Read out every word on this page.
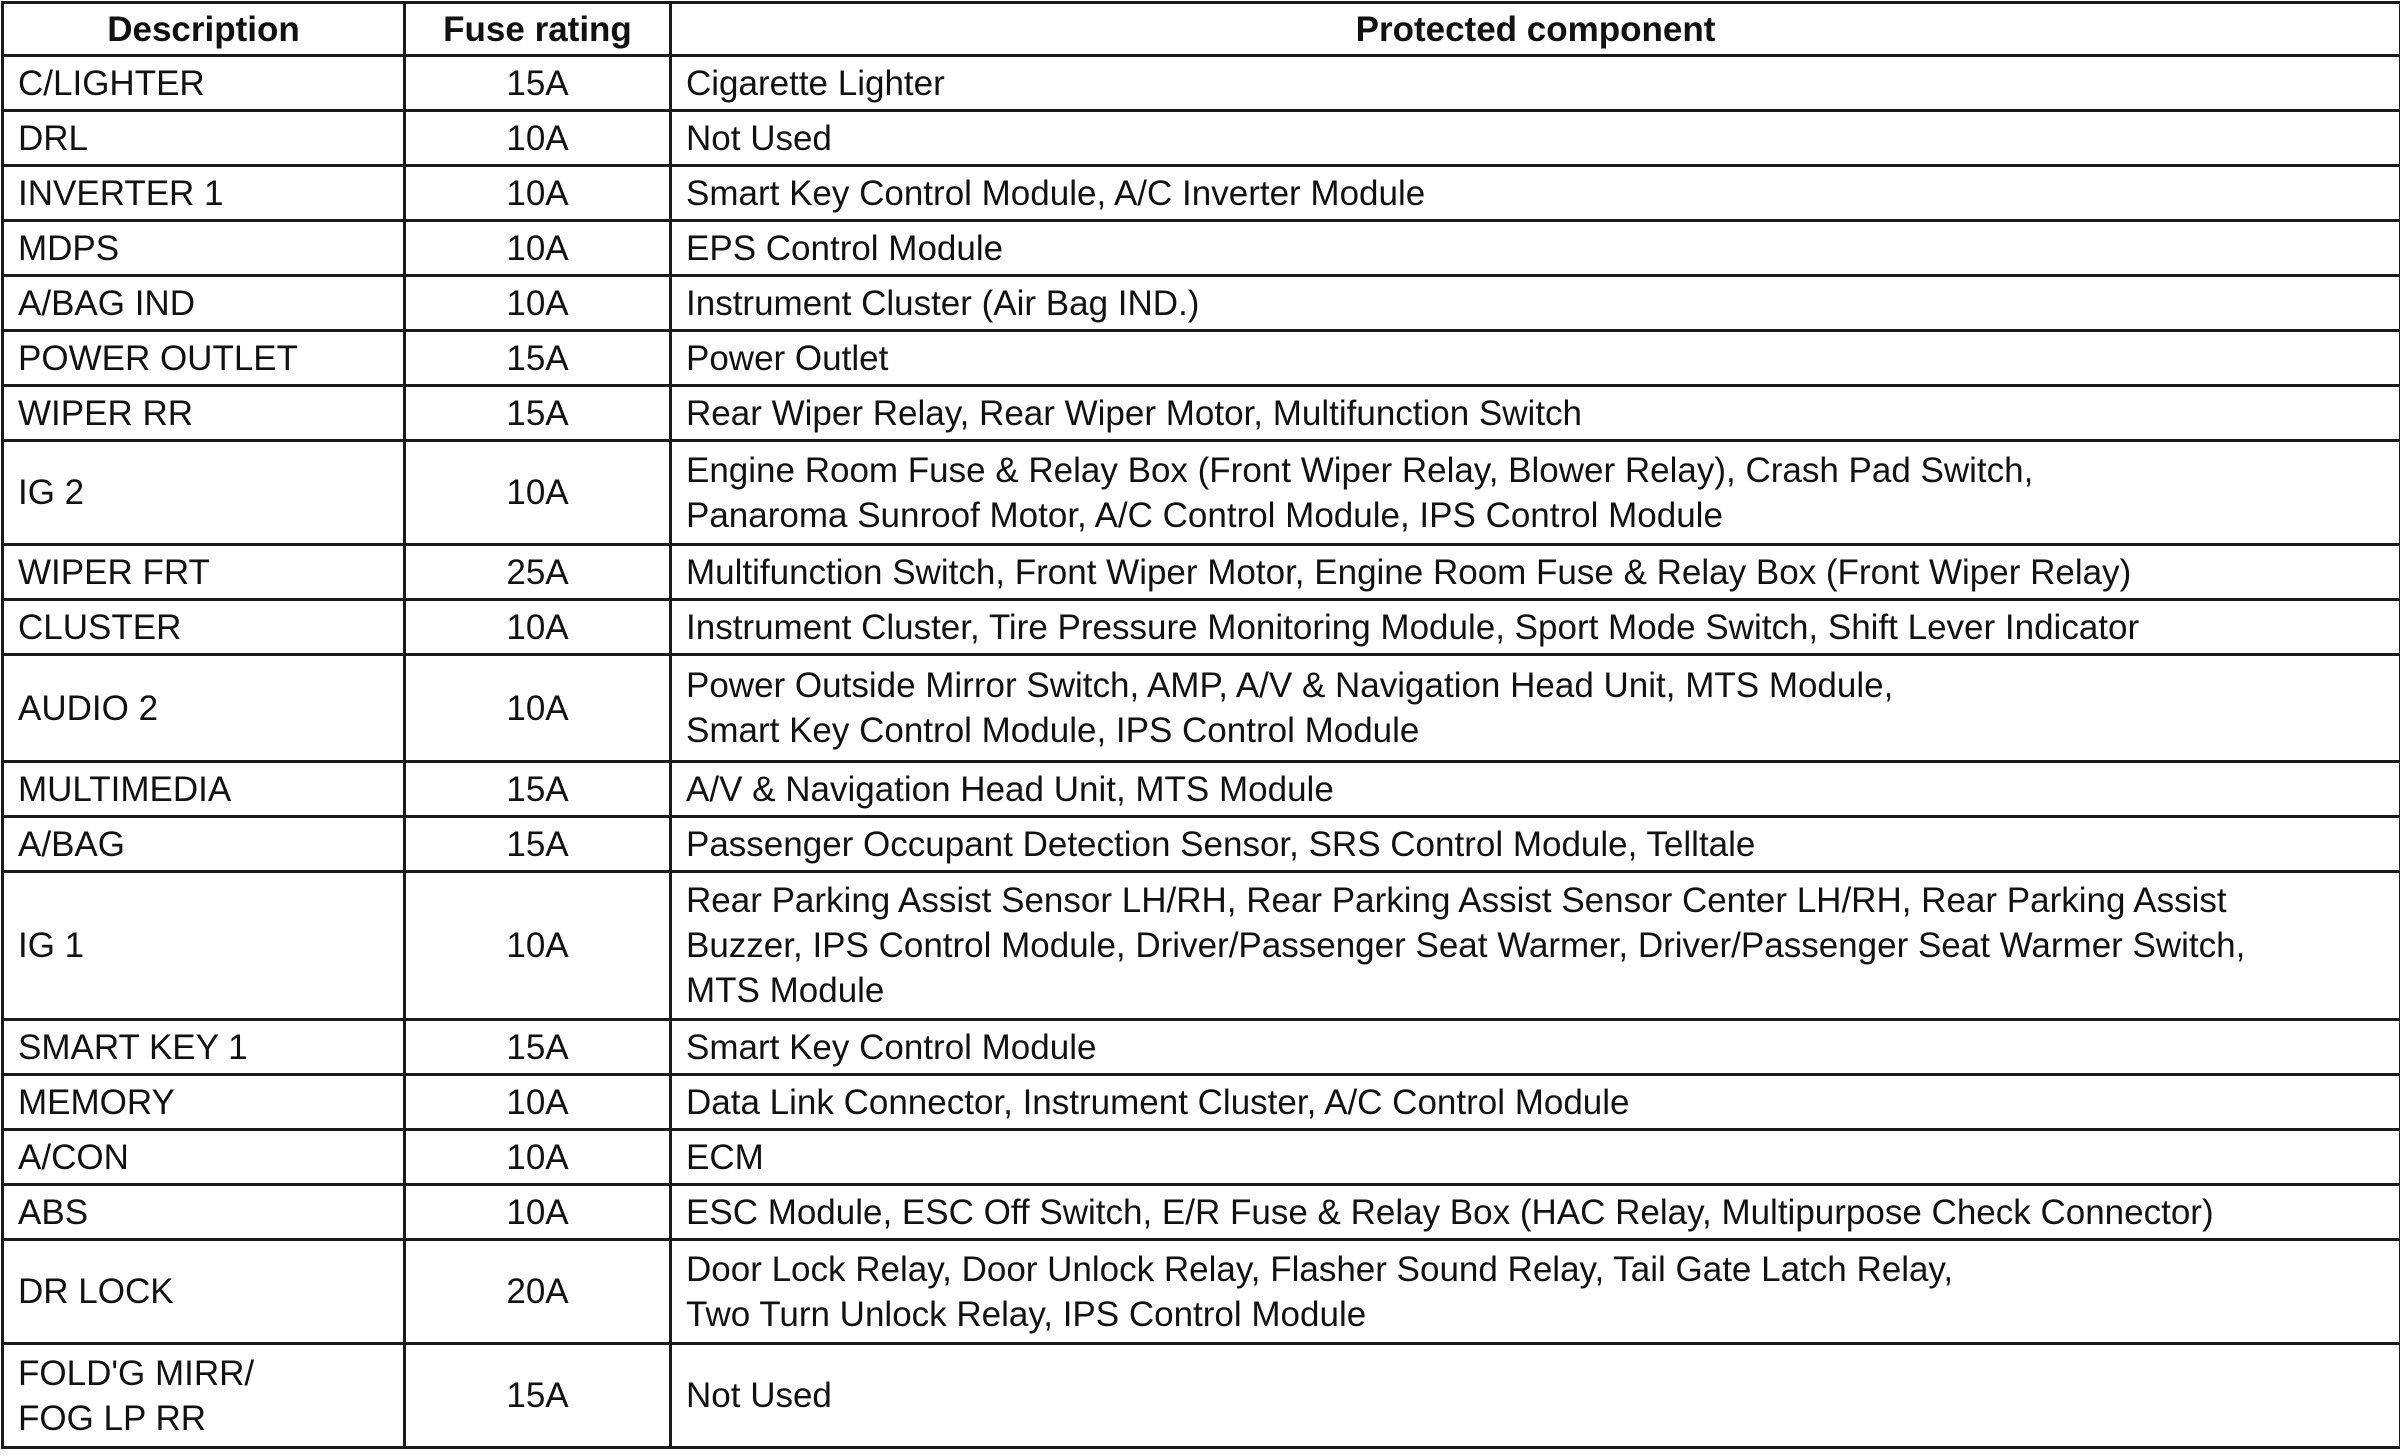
Description	Fuse rating	Protected component

C/LIGHTER	15A	Cigarette Lighter

DRL	10A	Not Used

INVERTER 1	10A	Smart Key Control Module, A/C Inverter Module

MDPS	10A	EPS Control Module

A/BAG IND	10A	Instrument Cluster (Air Bag IND.)

POWER OUTLET	15A	Power Outlet

WIPER RR	15A	Rear Wiper Relay, Rear Wiper Motor, Multifunction Switch

IG 2	10A	Engine Room Fuse & Relay Box (Front Wiper Relay, Blower Relay), Crash Pad Switch,
Panaroma Sunroof Motor, A/C Control Module, IPS Control Module

WIPER FRT	25A	Multifunction Switch, Front Wiper Motor, Engine Room Fuse & Relay Box (Front Wiper Relay)

CLUSTER	10A	Instrument Cluster, Tire Pressure Monitoring Module, Sport Mode Switch, Shift Lever Indicator

AUDIO 2	10A	Power Outside Mirror Switch, AMP, A/V & Navigation Head Unit, MTS Module,
Smart Key Control Module, IPS Control Module

MULTIMEDIA	15A	A/V & Navigation Head Unit, MTS Module

A/BAG	15A	Passenger Occupant Detection Sensor, SRS Control Module, Telltale

IG 1	10A	Rear Parking Assist Sensor LH/RH, Rear Parking Assist Sensor Center LH/RH, Rear Parking Assist
Buzzer, IPS Control Module, Driver/Passenger Seat Warmer, Driver/Passenger Seat Warmer Switch,
MTS Module

SMART KEY 1	15A	Smart Key Control Module

MEMORY	10A	Data Link Connector, Instrument Cluster, A/C Control Module

A/CON	10A	ECM

ABS	10A	ESC Module, ESC Off Switch, E/R Fuse & Relay Box (HAC Relay, Multipurpose Check Connector)

DR LOCK	20A	Door Lock Relay, Door Unlock Relay, Flasher Sound Relay, Tail Gate Latch Relay,
Two Turn Unlock Relay, IPS Control Module

FOLD'G MIRR/
FOG LP RR	15A	Not Used
